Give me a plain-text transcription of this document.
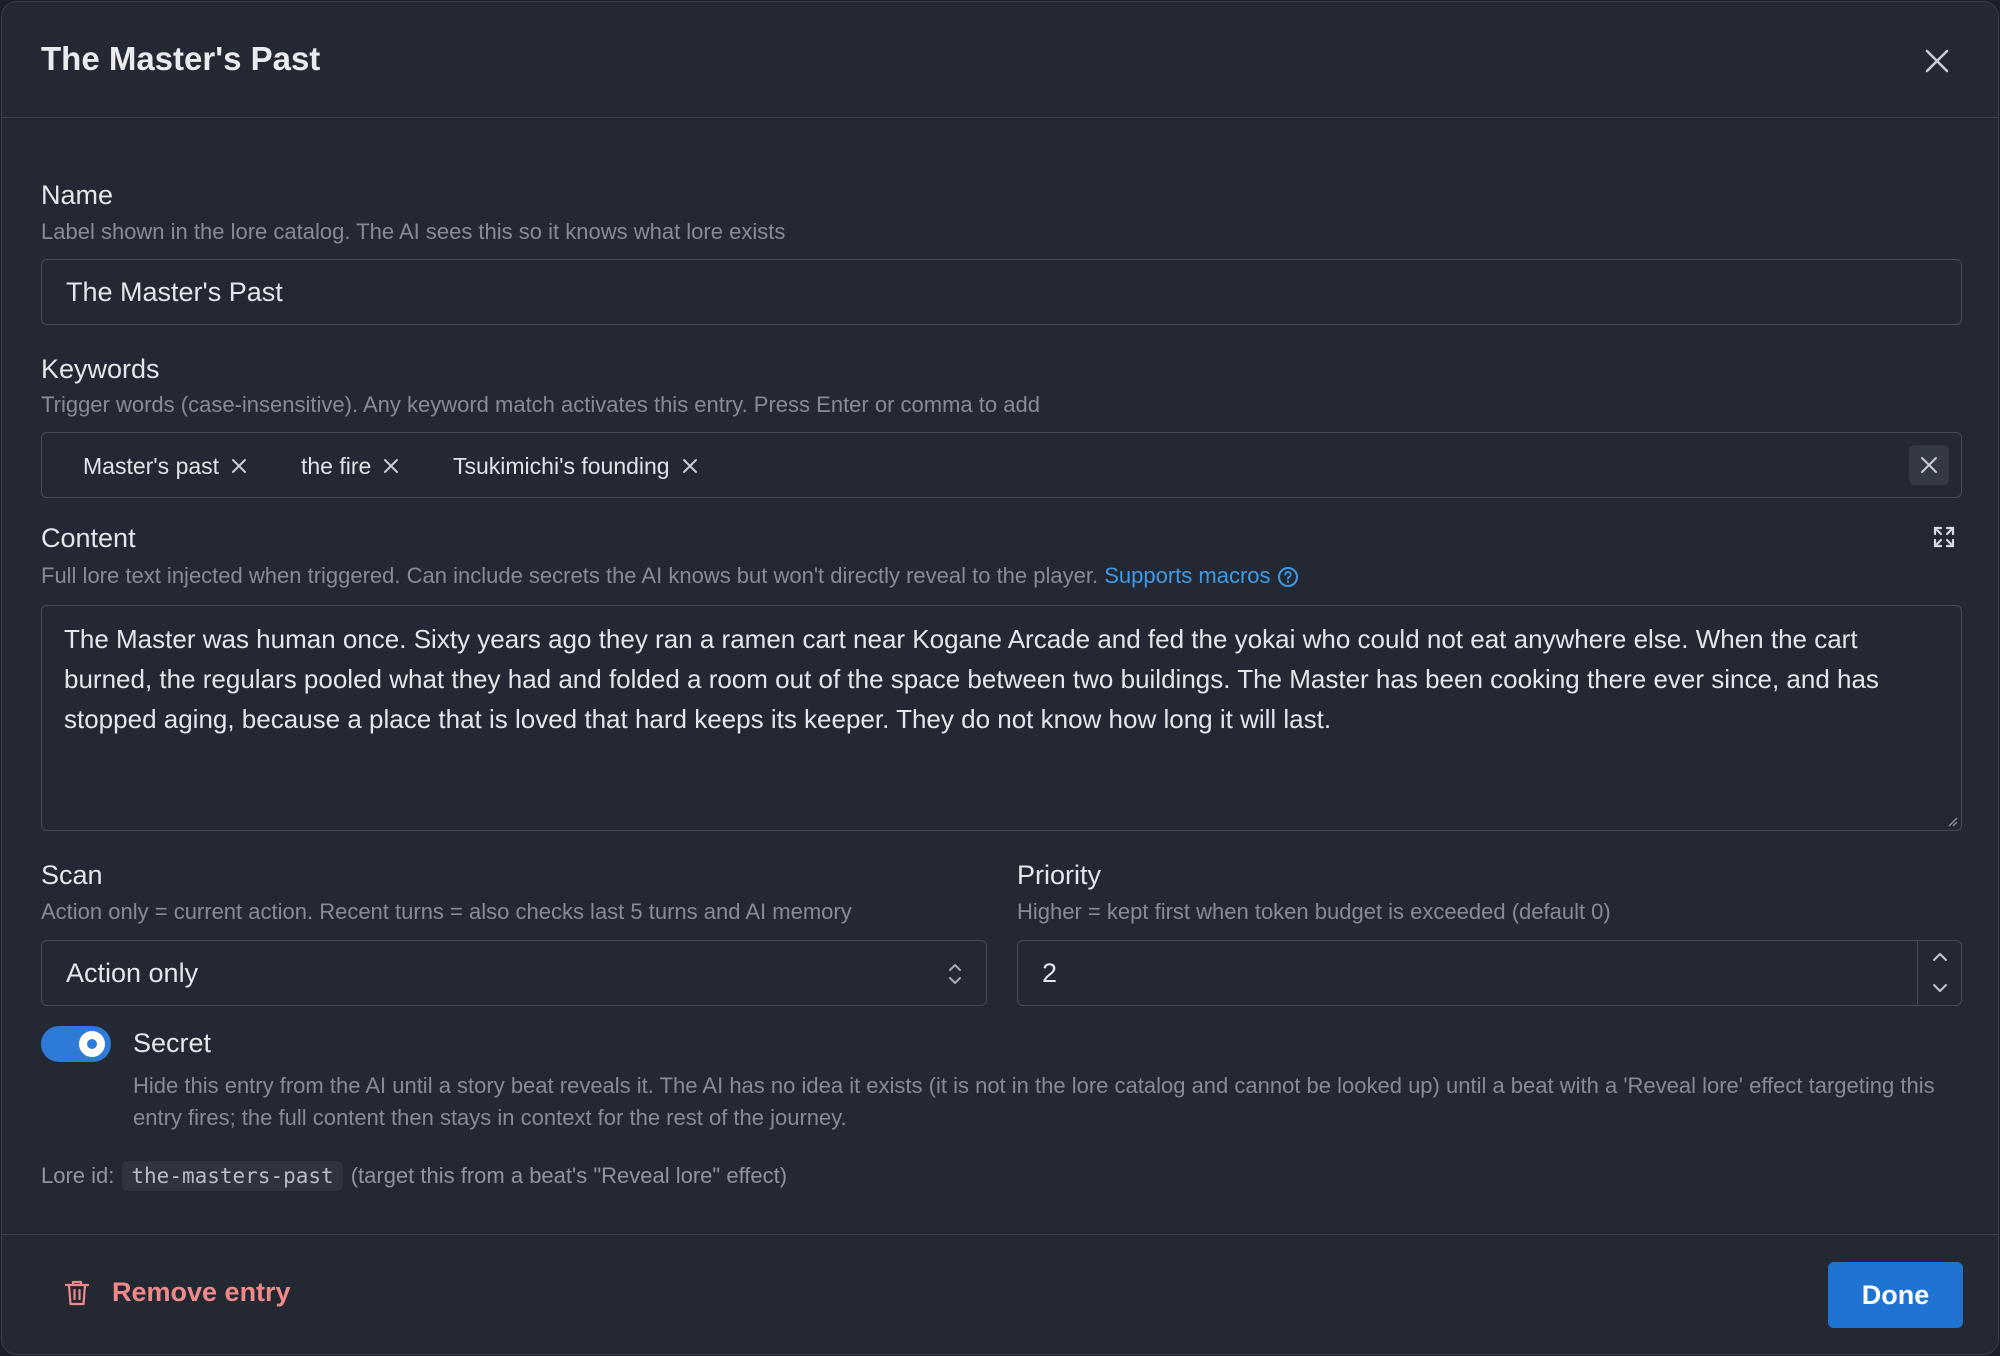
The Master's Past
Name
Label shown in the lore catalog. The AI sees this so it knows what lore exists
The Master's Past
Keywords
Trigger words (case-insensitive). Any keyword match activates this entry. Press Enter or comma to add
Master's past	the fire	Tsukimichi's founding
Content
Full lore text injected when triggered. Can include secrets the AI knows but won't directly reveal to the player. Supports macros
The Master was human once. Sixty years ago they ran a ramen cart near Kogane Arcade and fed the yokai who could not eat anywhere else. When the cart burned, the regulars pooled what they had and folded a room out of the space between two buildings. The Master has been cooking there ever since, and has stopped aging, because a place that is loved that hard keeps its keeper. They do not know how long it will last.
Scan
Action only = current action. Recent turns = also checks last 5 turns and AI memory
Action only
Priority
Higher = kept first when token budget is exceeded (default 0)
2
Secret
Hide this entry from the AI until a story beat reveals it. The AI has no idea it exists (it is not in the lore catalog and cannot be looked up) until a beat with a 'Reveal lore' effect targeting this entry fires; the full content then stays in context for the rest of the journey.
Lore id: the-masters-past (target this from a beat's "Reveal lore" effect)
Remove entry	Done
